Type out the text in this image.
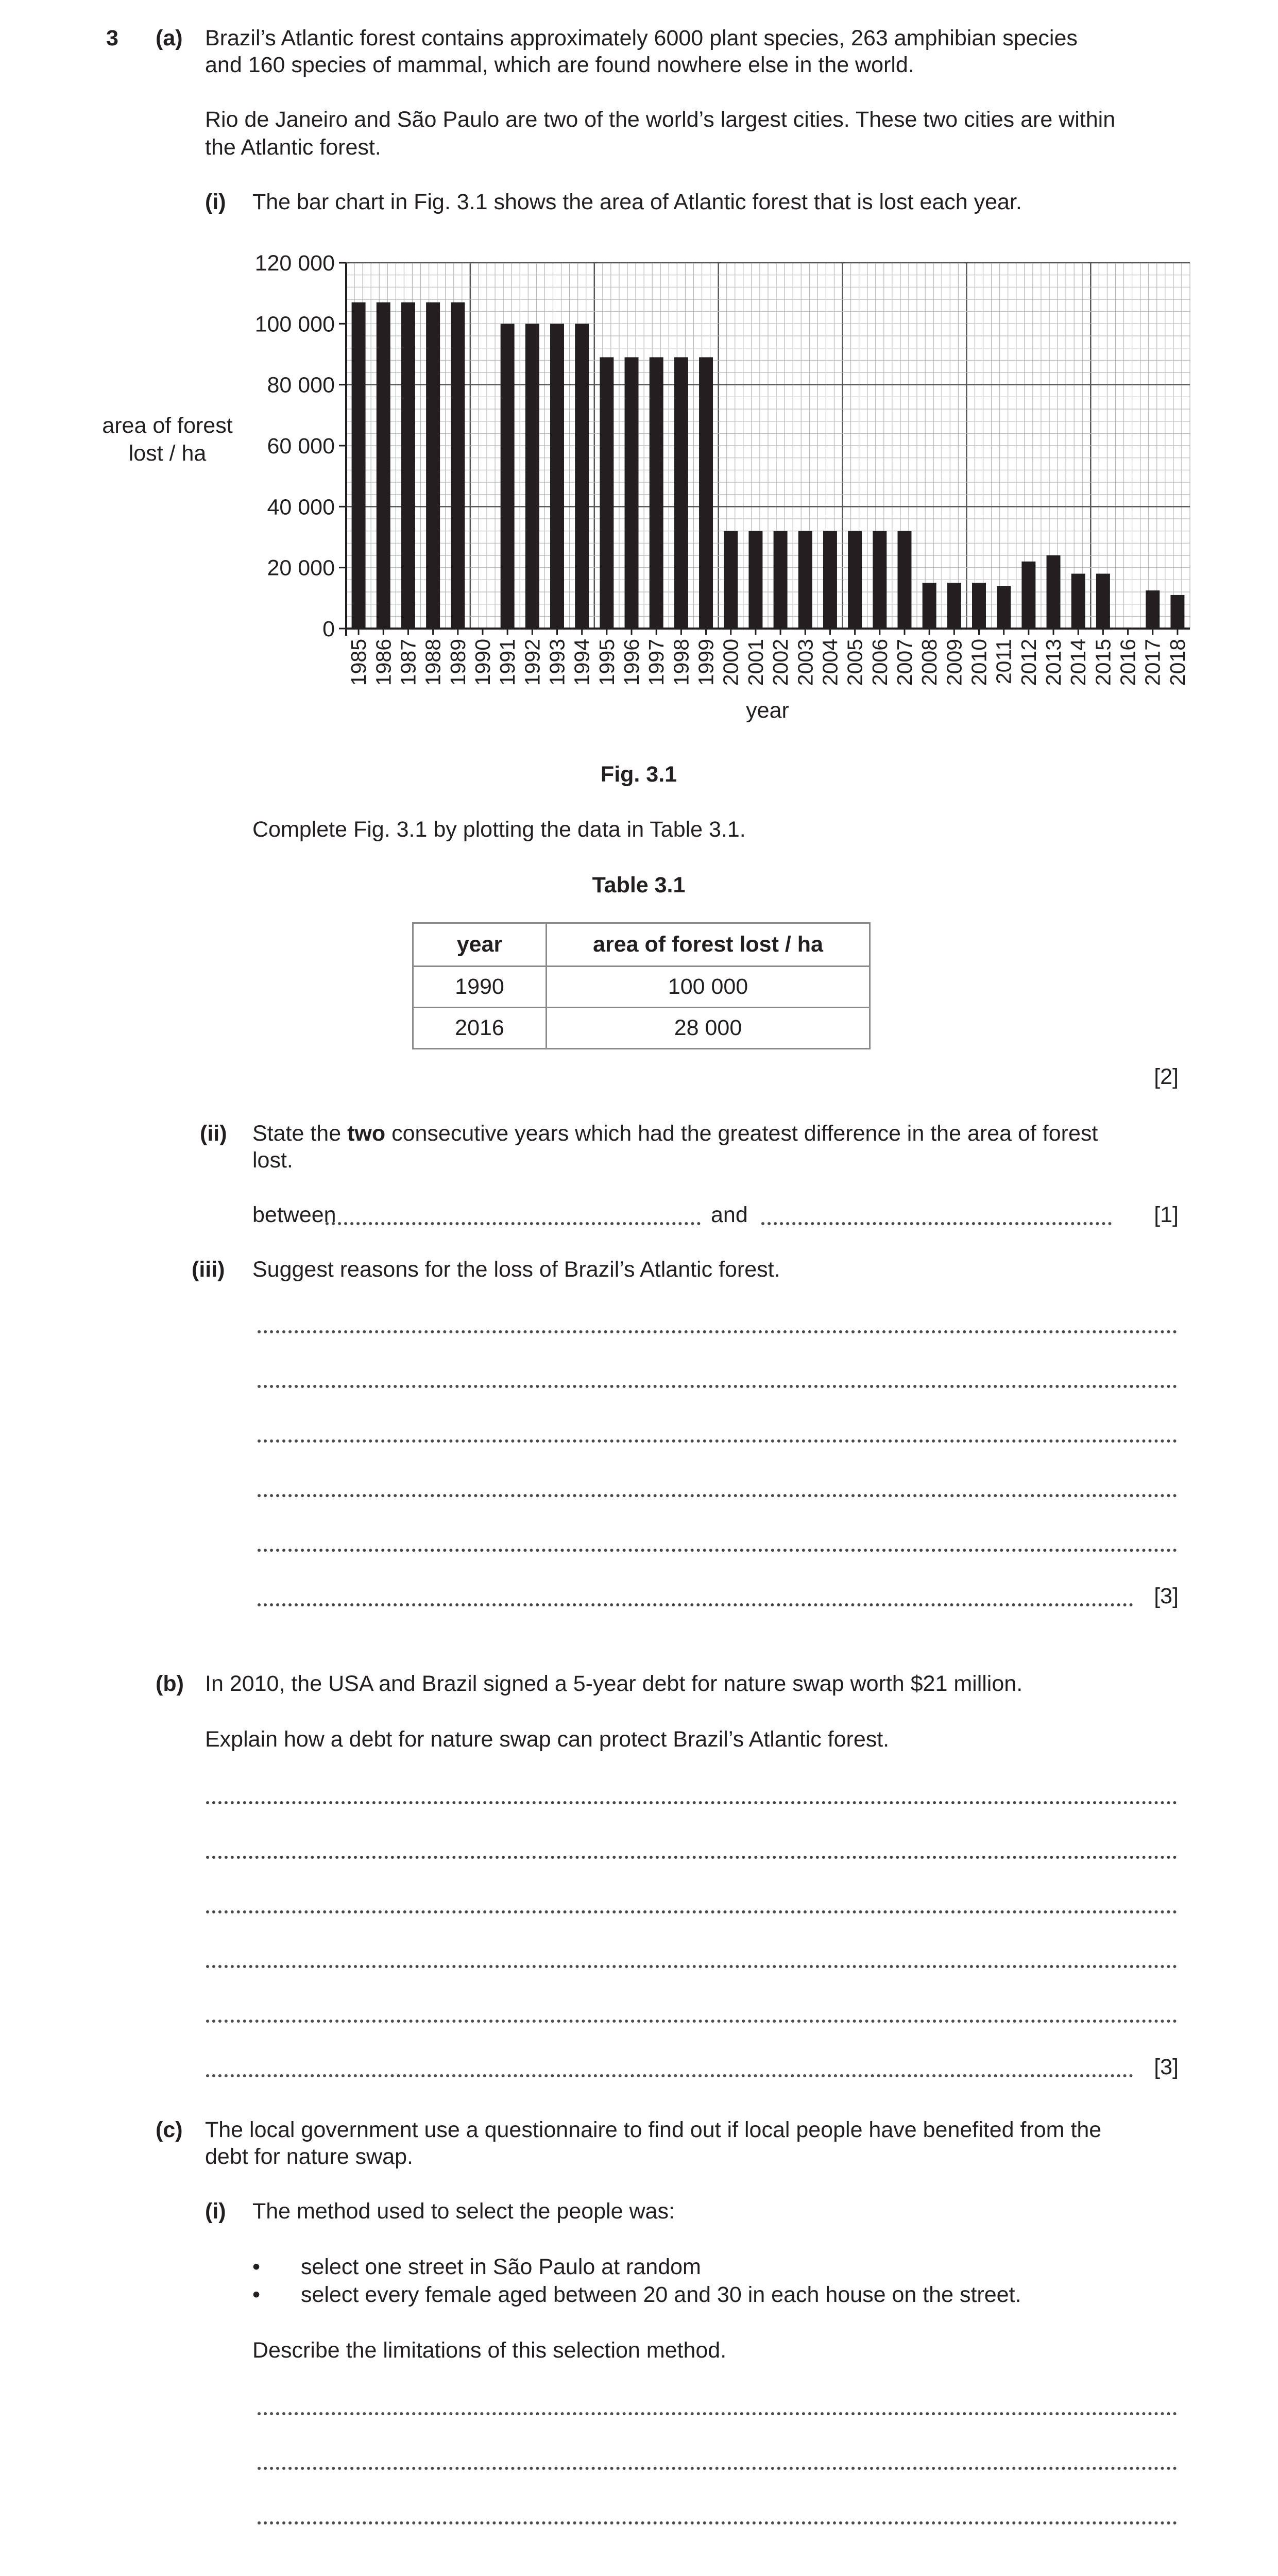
3 (a) Brazil’s Atlantic forest contains approximately 6000 plant species, 263 amphibian species
and 160 species of mammal, which are found nowhere else in the world.
Rio de Janeiro and São Paulo are two of the world’s largest cities. These two cities are within
the Atlantic forest.
(i) The bar chart in Fig. 3.1 shows the area of Atlantic forest that is lost each year.
0
20 000
40 000
60 000
80 000
100 000
120 000
1985 1986 1987 1988 1989 1990 1991 1992 1993 1994 1995 1996 1997 1998 1999 2000 2001 2002 2003 2004 2005 2006 2007 2008 2009 2010 2011 2012 2013 2014 2015 2016 2017 2018
area of forest
lost / ha
year
Fig. 3.1
Complete Fig. 3.1 by plotting the data in Table 3.1.
Table 3.1
year	area of forest lost / ha
1990	100 000
2016	28 000
[2]
(ii) State the two consecutive years which had the greatest difference in the area of forest
lost.
between	and	[1]
(iii) Suggest reasons for the loss of Brazil’s Atlantic forest.
[3]
(b) In 2010, the USA and Brazil signed a 5-year debt for nature swap worth $21 million.
Explain how a debt for nature swap can protect Brazil’s Atlantic forest.
[3]
(c) The local government use a questionnaire to find out if local people have benefited from the
debt for nature swap.
(i) The method used to select the people was:
• select one street in São Paulo at random
• select every female aged between 20 and 30 in each house on the street.
Describe the limitations of this selection method.
